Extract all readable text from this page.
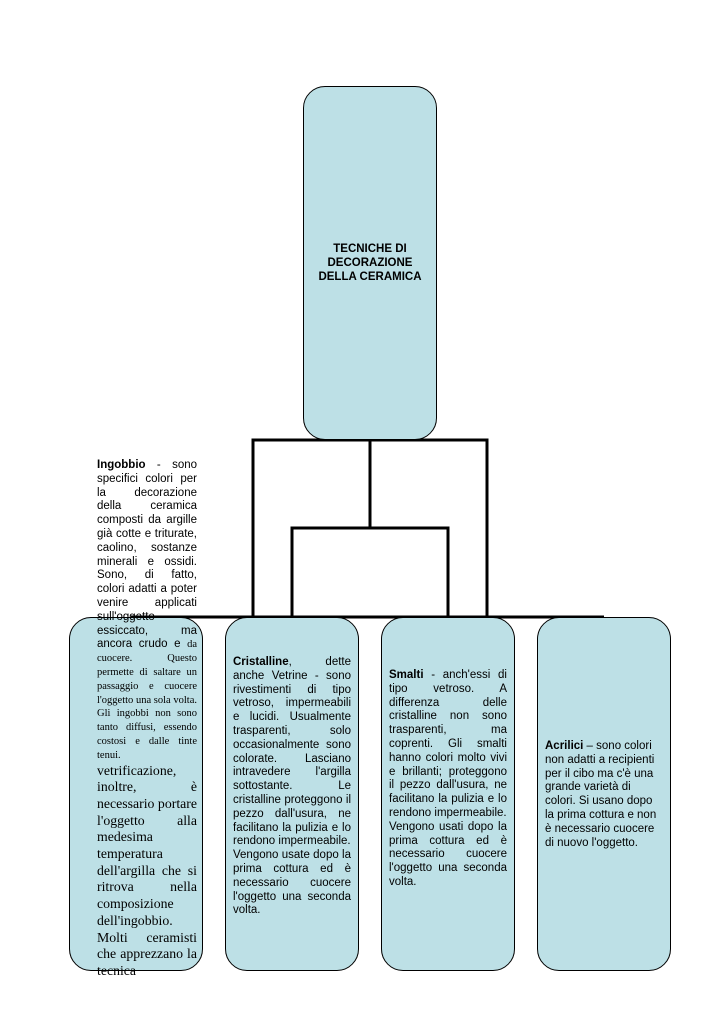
TECNICHE DI DECORAZIONE DELLA CERAMICA

Cristalline, dette anche Vetrine - sono rivestimenti di tipo vetroso, impermeabili e lucidi. Usualmente trasparenti, solo occasionalmente sono colorate. Lasciano intravedere l'argilla sottostante. Le cristalline proteggono il pezzo dall'usura, ne facilitano la pulizia e lo rendono impermeabile.

Vengono usate dopo la prima cottura ed è necessario cuocere l'oggetto una seconda volta.

Smalti - anch'essi di tipo vetroso. A differenza delle cristalline non sono trasparenti, ma coprenti. Gli smalti hanno colori molto vivi e brillanti; proteggono il pezzo dall'usura, ne facilitano la pulizia e lo rendono impermeabile.

Vengono usati dopo la prima cottura ed è necessario cuocere l'oggetto una seconda volta.

Acrilici – sono colori non adatti a recipienti per il cibo ma c'è una grande varietà di colori. Si usano dopo la prima cottura e non è necessario cuocere di nuovo l'oggetto.

Ingobbio - sono specifici colori per la decorazione della ceramica composti da argille già cotte e triturate, caolino, sostanze minerali e ossidi. Sono, di fatto, colori adatti a poter venire applicati sull'oggetto essiccato, ma ancora crudo e da cuocere. Questo permette di saltare un passaggio e cuocere l'oggetto una sola volta. Gli ingobbi non sono tanto diffusi, essendo costosi e dalle tinte tenui.

vetrificazione, inoltre, è necessario portare l'oggetto alla medesima temperatura dell'argilla che si ritrova nella composizione dell'ingobbio. Molti ceramisti che apprezzano la tecnica
